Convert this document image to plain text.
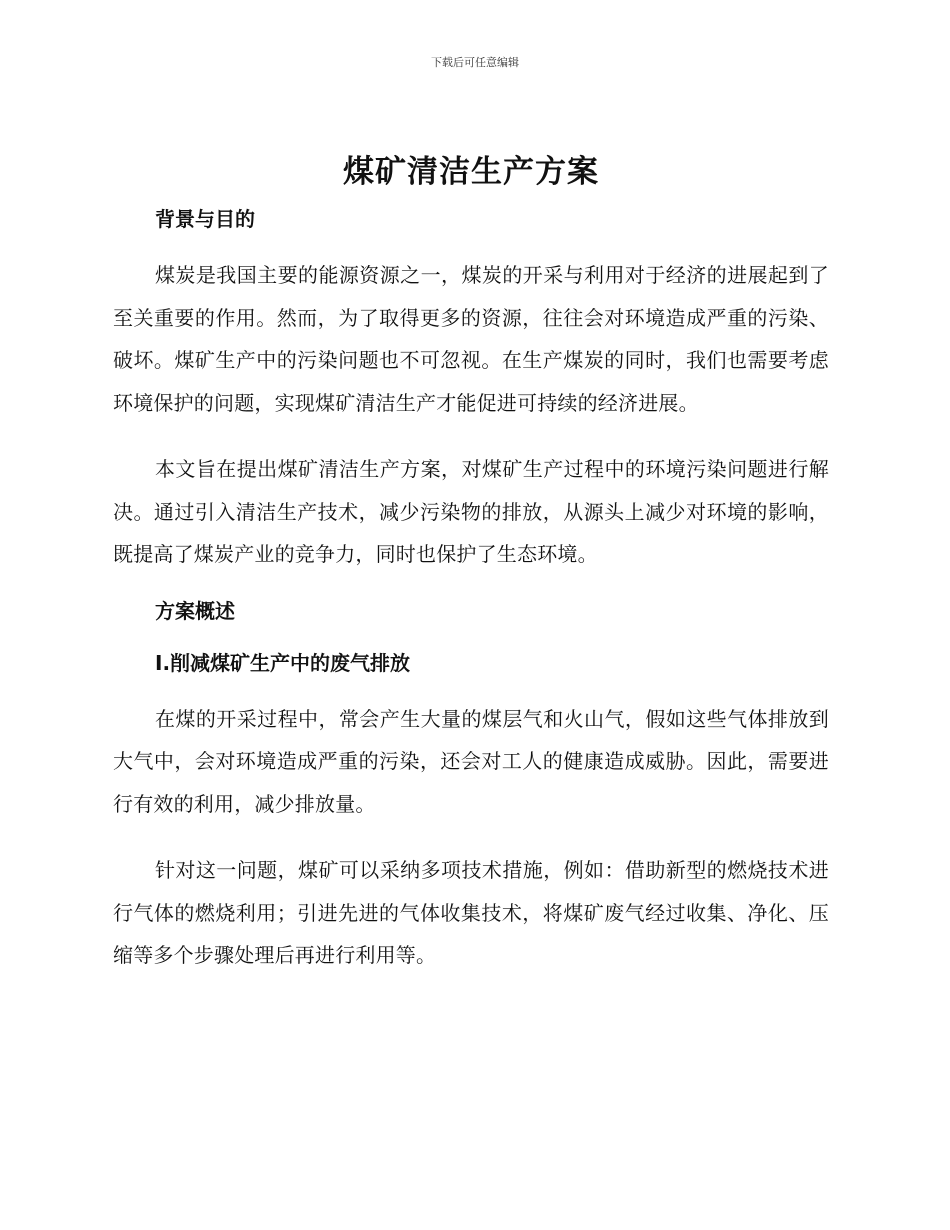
下载后可任意编辑
煤矿清洁生产方案
背景与目的

煤炭是我国主要的能源资源之一，煤炭的开采与利用对于经济的进展起到了至关重要的作用。然而，为了取得更多的资源，往往会对环境造成严重的污染、破坏。煤矿生产中的污染问题也不可忽视。在生产煤炭的同时，我们也需要考虑环境保护的问题，实现煤矿清洁生产才能促进可持续的经济进展。

本文旨在提出煤矿清洁生产方案，对煤矿生产过程中的环境污染问题进行解决。通过引入清洁生产技术，减少污染物的排放，从源头上减少对环境的影响，既提高了煤炭产业的竞争力，同时也保护了生态环境。

方案概述
I.削减煤矿生产中的废气排放

在煤的开采过程中，常会产生大量的煤层气和火山气，假如这些气体排放到大气中，会对环境造成严重的污染，还会对工人的健康造成威胁。因此，需要进行有效的利用，减少排放量。

针对这一问题，煤矿可以采纳多项技术措施，例如：借助新型的燃烧技术进行气体的燃烧利用；引进先进的气体收集技术，将煤矿废气经过收集、净化、压缩等多个步骤处理后再进行利用等。
